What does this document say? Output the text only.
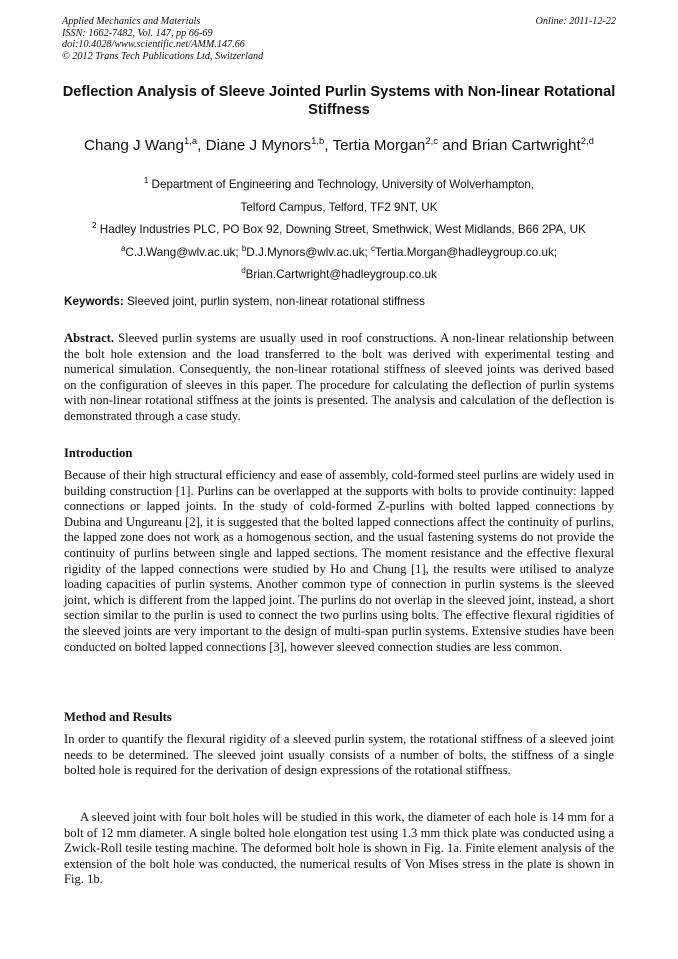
Applied Mechanics and Materials
ISSN: 1662-7482, Vol. 147, pp 66-69
doi:10.4028/www.scientific.net/AMM.147.66
© 2012 Trans Tech Publications Ltd, Switzerland
Online: 2011-12-22
Deflection Analysis of Sleeve Jointed Purlin Systems with Non-linear Rotational Stiffness
Chang J Wang$^{1,a}$, Diane J Mynors$^{1,b}$, Tertia Morgan$^{2,c}$ and Brian Cartwright$^{2,d}$
$^1$ Department of Engineering and Technology, University of Wolverhampton,
Telford Campus, Telford, TF2 9NT, UK
$^2$ Hadley Industries PLC, PO Box 92, Downing Street, Smethwick, West Midlands, B66 2PA, UK
$^a$C.J.Wang@wlv.ac.uk; $^b$D.J.Mynors@wlv.ac.uk; $^c$Tertia.Morgan@hadleygroup.co.uk;
$^d$Brian.Cartwright@hadleygroup.co.uk
Keywords: Sleeved joint, purlin system, non-linear rotational stiffness
Abstract. Sleeved purlin systems are usually used in roof constructions. A non-linear relationship between the bolt hole extension and the load transferred to the bolt was derived with experimental testing and numerical simulation. Consequently, the non-linear rotational stiffness of sleeved joints was derived based on the configuration of sleeves in this paper. The procedure for calculating the deflection of purlin systems with non-linear rotational stiffness at the joints is presented. The analysis and calculation of the deflection is demonstrated through a case study.
Introduction
Because of their high structural efficiency and ease of assembly, cold-formed steel purlins are widely used in building construction [1]. Purlins can be overlapped at the supports with bolts to provide continuity: lapped connections or lapped joints. In the study of cold-formed Z-purlins with bolted lapped connections by Dubina and Ungureanu [2], it is suggested that the bolted lapped connections affect the continuity of purlins, the lapped zone does not work as a homogenous section, and the usual fastening systems do not provide the continuity of purlins between single and lapped sections. The moment resistance and the effective flexural rigidity of the lapped connections were studied by Ho and Chung [1], the results were utilised to analyze loading capacities of purlin systems. Another common type of connection in purlin systems is the sleeved joint, which is different from the lapped joint. The purlins do not overlap in the sleeved joint, instead, a short section similar to the purlin is used to connect the two purlins using bolts. The effective flexural rigidities of the sleeved joints are very important to the design of multi-span purlin systems. Extensive studies have been conducted on bolted lapped connections [3], however sleeved connection studies are less common.
Method and Results
In order to quantify the flexural rigidity of a sleeved purlin system, the rotational stiffness of a sleeved joint needs to be determined. The sleeved joint usually consists of a number of bolts, the stiffness of a single bolted hole is required for the derivation of design expressions of the rotational stiffness.
A sleeved joint with four bolt holes will be studied in this work, the diameter of each hole is 14 mm for a bolt of 12 mm diameter. A single bolted hole elongation test using 1.3 mm thick plate was conducted using a Zwick-Roll tesile testing machine. The deformed bolt hole is shown in Fig. 1a. Finite element analysis of the extension of the bolt hole was conducted, the numerical results of Von Mises stress in the plate is shown in Fig. 1b.
